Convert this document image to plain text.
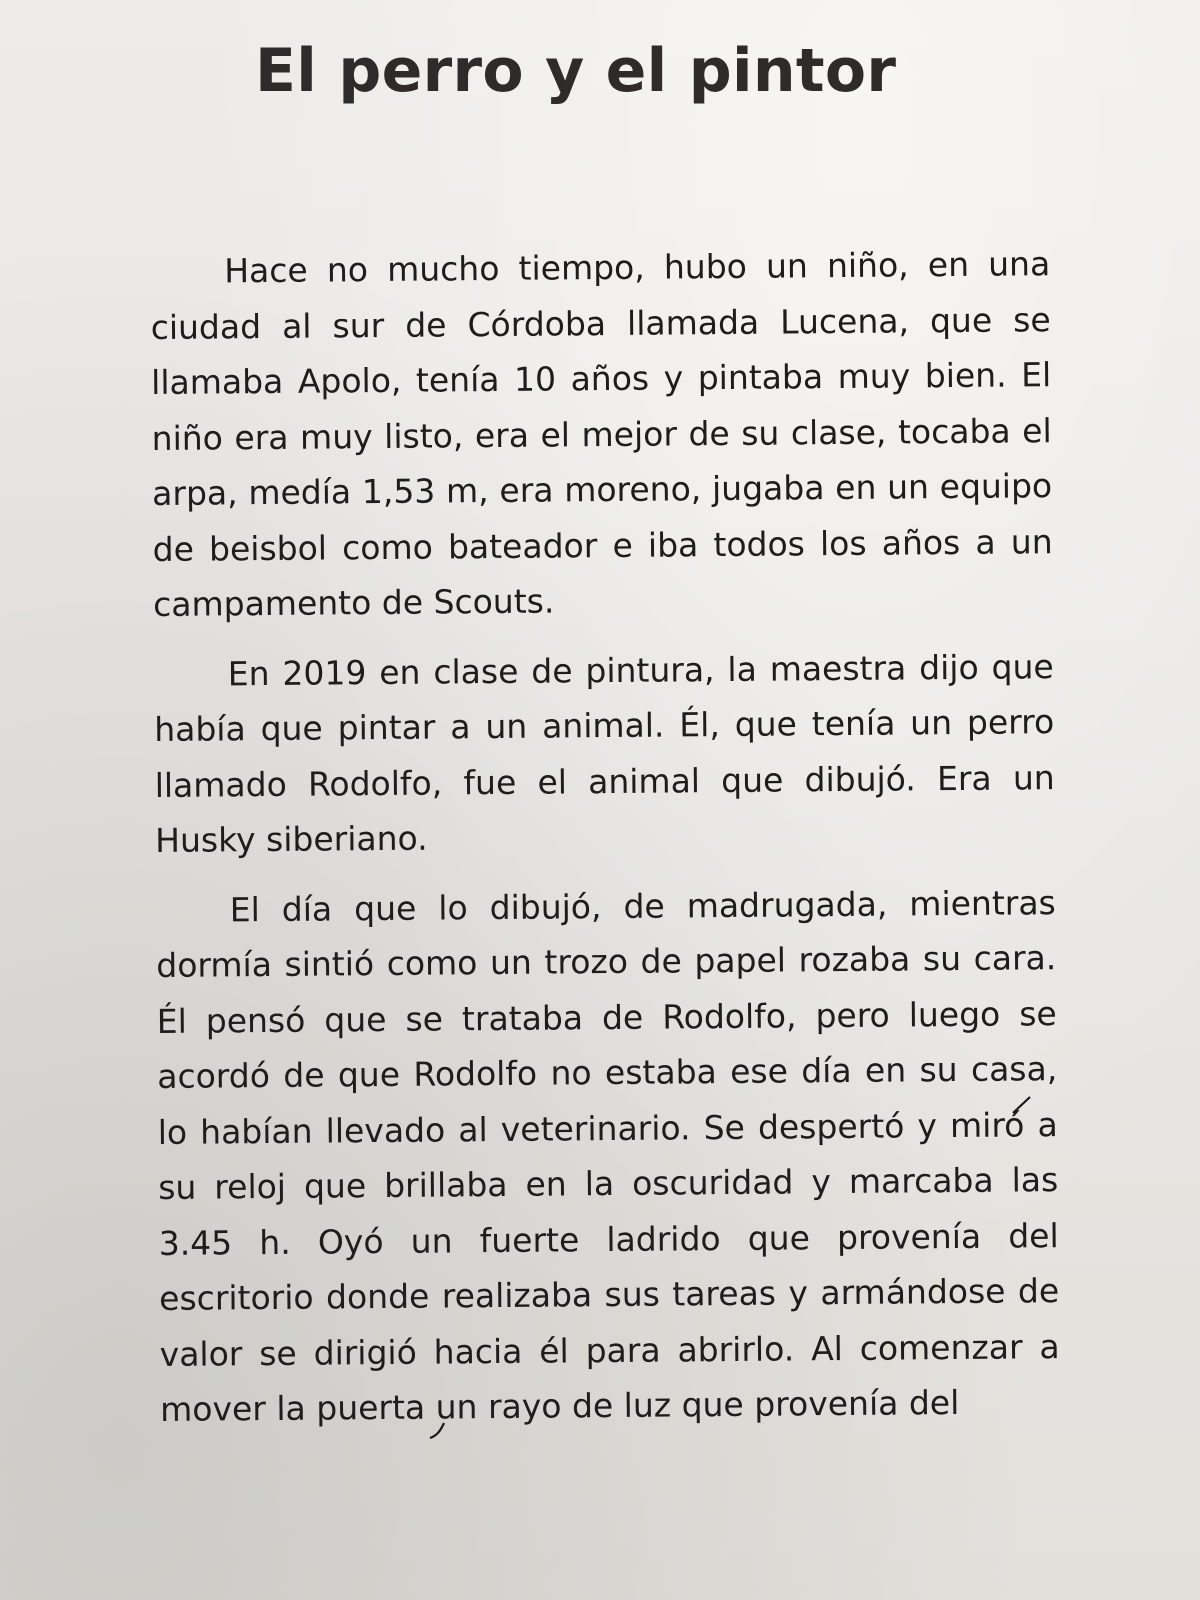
El perro y el pintor

Hace no mucho tiempo, hubo un niño, en una ciudad al sur de Córdoba llamada Lucena, que se llamaba Apolo, tenía 10 años y pintaba muy bien. El niño era muy listo, era el mejor de su clase, tocaba el arpa, medía 1,53 m, era moreno, jugaba en un equipo de beisbol como bateador e iba todos los años a un campamento de Scouts.

En 2019 en clase de pintura, la maestra dijo que había que pintar a un animal. Él, que tenía un perro llamado Rodolfo, fue el animal que dibujó. Era un Husky siberiano.

El día que lo dibujó, de madrugada, mientras dormía sintió como un trozo de papel rozaba su cara. Él pensó que se trataba de Rodolfo, pero luego se acordó de que Rodolfo no estaba ese día en su casa, lo habían llevado al veterinario. Se despertó y miró a su reloj que brillaba en la oscuridad y marcaba las 3.45 h. Oyó un fuerte ladrido que provenía del escritorio donde realizaba sus tareas y armándose de valor se dirigió hacia él para abrirlo. Al comenzar a mover la puerta un rayo de luz que provenía del
